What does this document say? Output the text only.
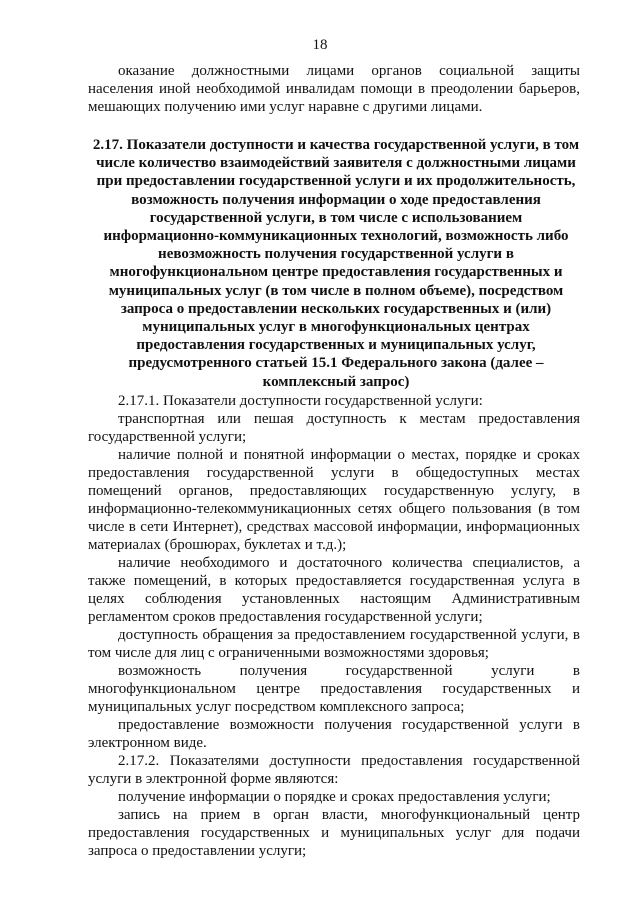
18

оказание должностными лицами органов социальной защиты населения иной необходимой инвалидам помощи в преодолении барьеров, мешающих получению ими услуг наравне с другими лицами.

2.17. Показатели доступности и качества государственной услуги, в том числе количество взаимодействий заявителя с должностными лицами при предоставлении государственной услуги и их продолжительность, возможность получения информации о ходе предоставления государственной услуги, в том числе с использованием информационно-коммуникационных технологий, возможность либо невозможность получения государственной услуги в многофункциональном центре предоставления государственных и муниципальных услуг (в том числе в полном объеме), посредством запроса о предоставлении нескольких государственных и (или) муниципальных услуг в многофункциональных центрах предоставления государственных и муниципальных услуг, предусмотренного статьей 15.1 Федерального закона (далее – комплексный запрос)

2.17.1. Показатели доступности государственной услуги:

транспортная или пешая доступность к местам предоставления государственной услуги;

наличие полной и понятной информации о местах, порядке и сроках предоставления государственной услуги в общедоступных местах помещений органов, предоставляющих государственную услугу, в информационно-телекоммуникационных сетях общего пользования (в том числе в сети Интернет), средствах массовой информации, информационных материалах (брошюрах, буклетах и т.д.);

наличие необходимого и достаточного количества специалистов, а также помещений, в которых предоставляется государственная услуга в целях соблюдения установленных настоящим Административным регламентом сроков предоставления государственной услуги;

доступность обращения за предоставлением государственной услуги, в том числе для лиц с ограниченными возможностями здоровья;

возможность получения государственной услуги в многофункциональном центре предоставления государственных и муниципальных услуг посредством комплексного запроса;

предоставление возможности получения государственной услуги в электронном виде.

2.17.2. Показателями доступности предоставления государственной услуги в электронной форме являются:

получение информации о порядке и сроках предоставления услуги;

запись на прием в орган власти, многофункциональный центр предоставления государственных и муниципальных услуг для подачи запроса о предоставлении услуги;
